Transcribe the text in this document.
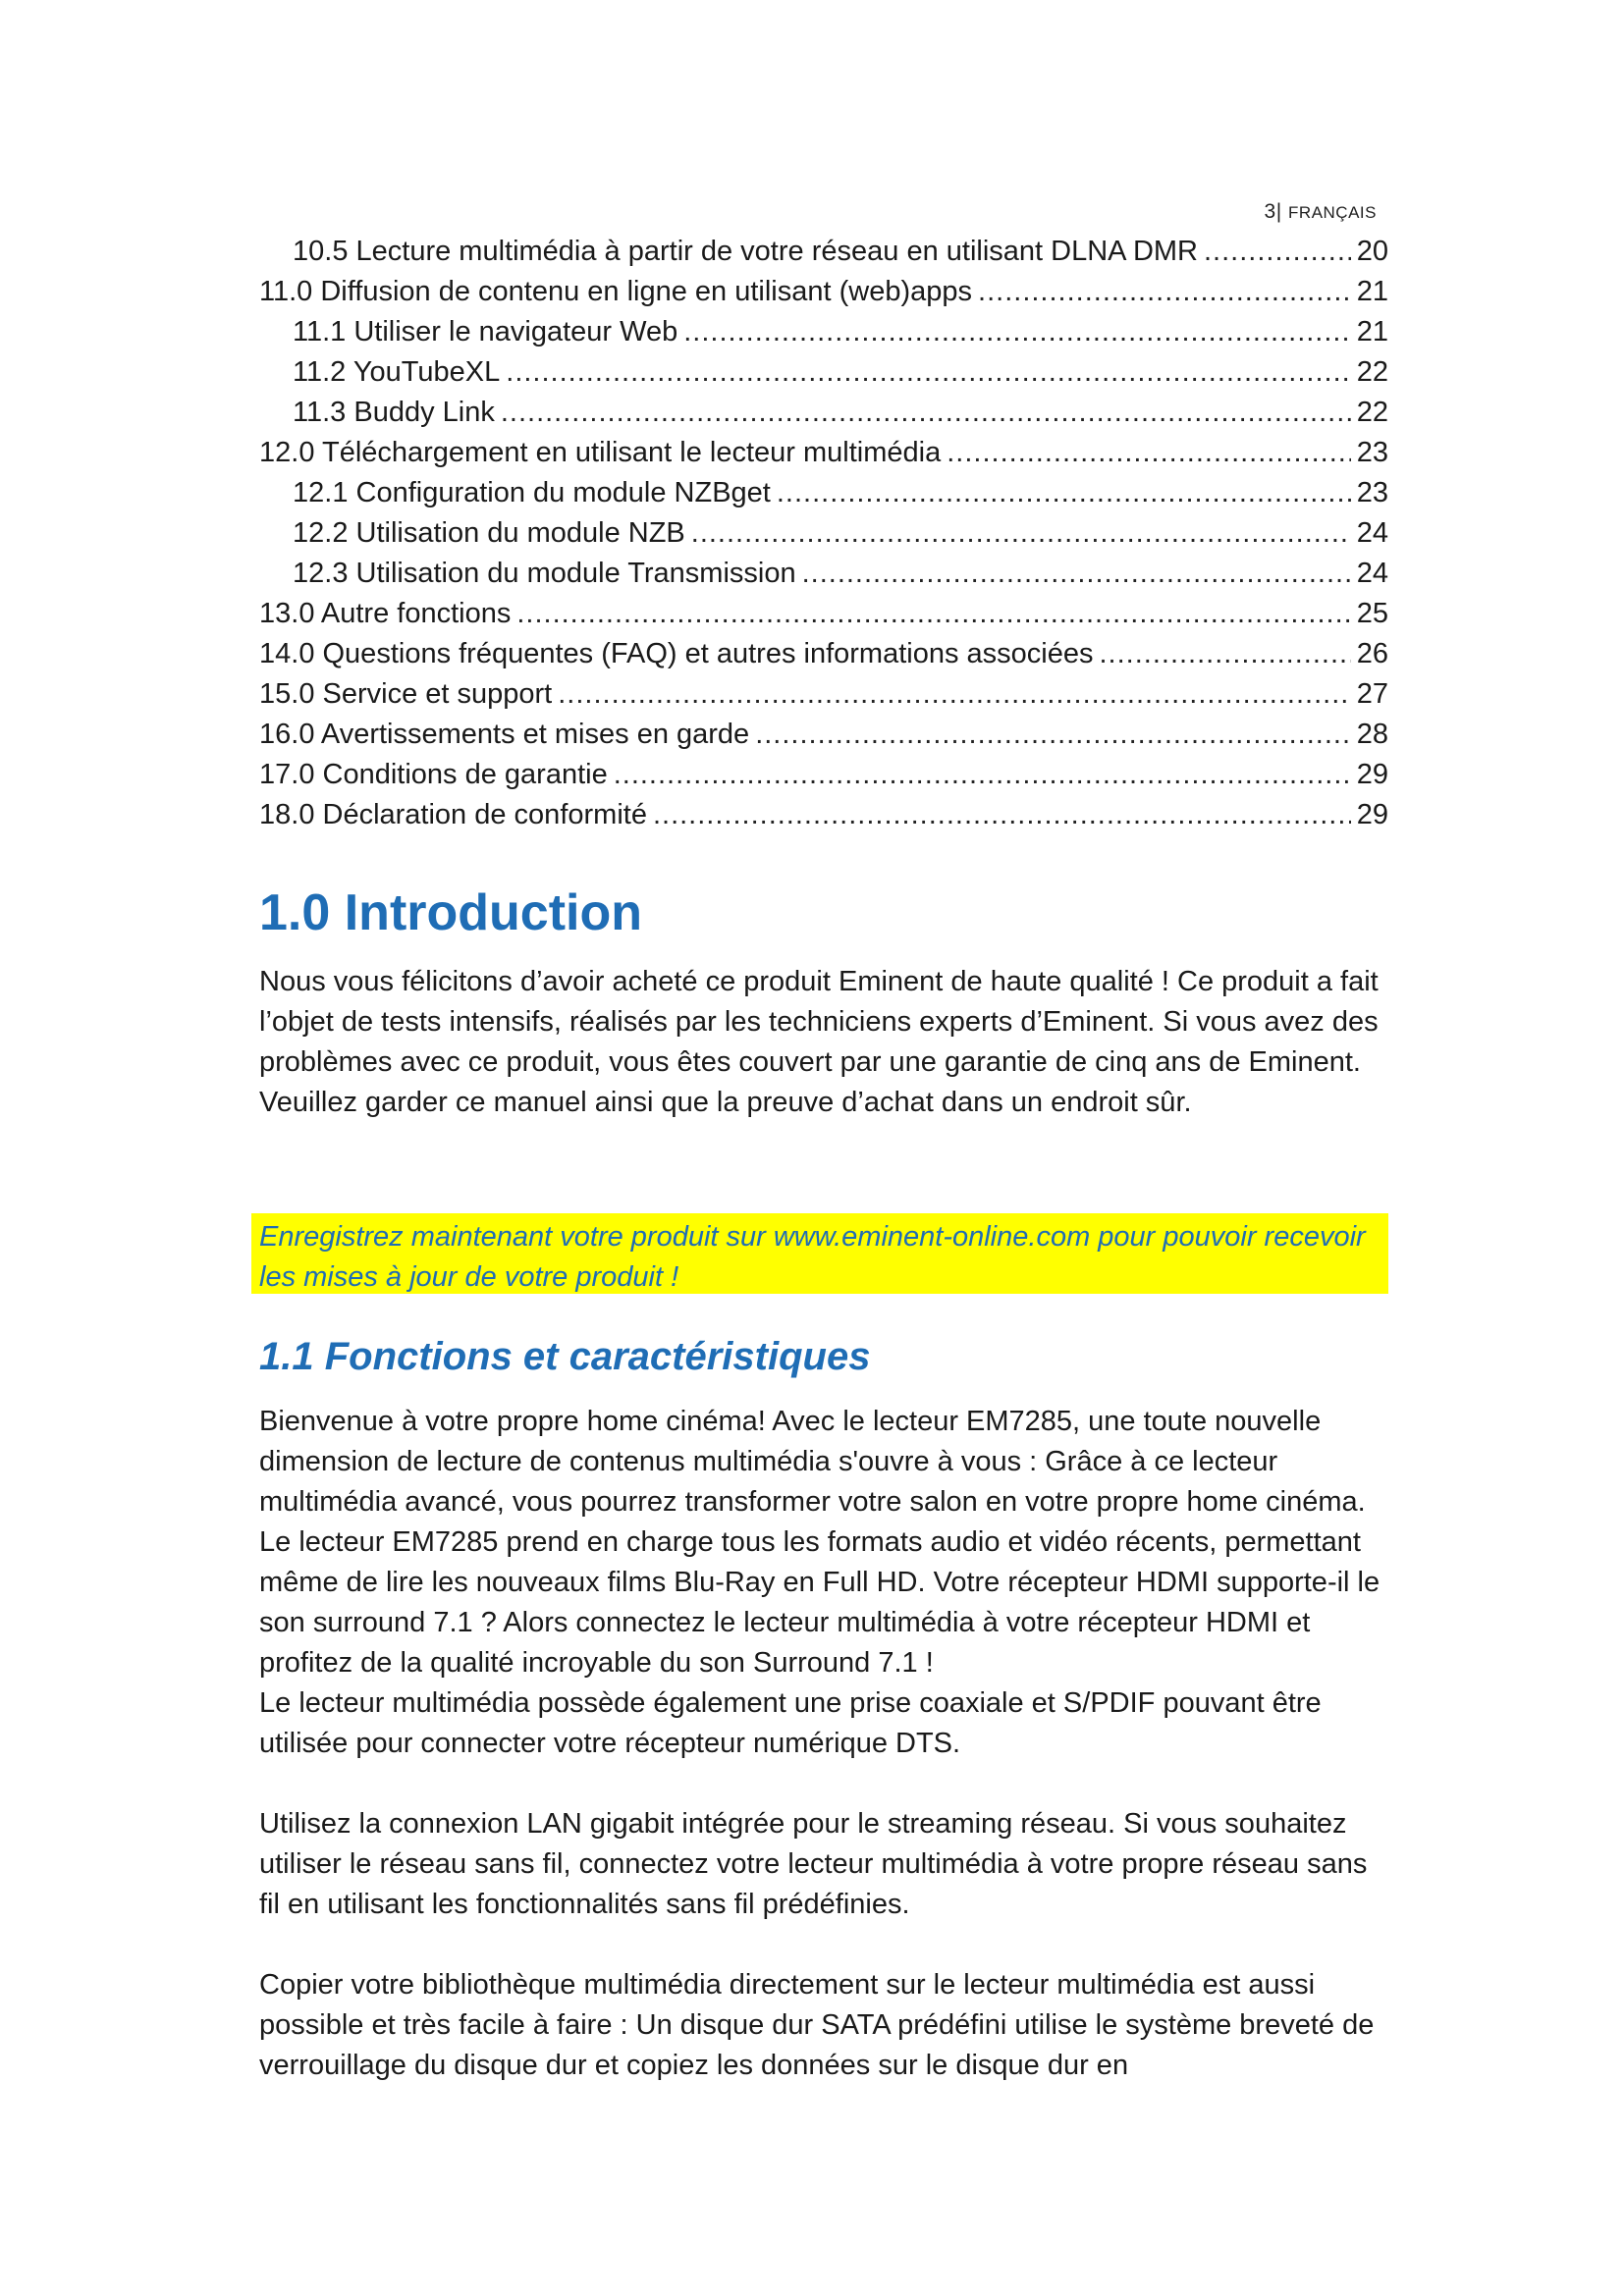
3| FRANÇAIS
10.5 Lecture multimédia à partir de votre réseau en utilisant DLNA DMR .....	20
11.0 Diffusion de contenu en ligne en utilisant (web)apps .....	21
11.1 Utiliser le navigateur Web .....	21
11.2 YouTubeXL .....	22
11.3 Buddy Link .....	22
12.0 Téléchargement en utilisant le lecteur multimédia .....	23
12.1 Configuration du module NZBget .....	23
12.2 Utilisation du module NZB .....	24
12.3 Utilisation du module Transmission .....	24
13.0 Autre fonctions .....	25
14.0 Questions fréquentes (FAQ) et autres informations associées .....	26
15.0 Service et support .....	27
16.0 Avertissements et mises en garde .....	28
17.0 Conditions de garantie .....	29
18.0 Déclaration de conformité .....	29
1.0 Introduction

Nous vous félicitons d’avoir acheté ce produit Eminent de haute qualité ! Ce produit a fait l’objet de tests intensifs, réalisés par les techniciens experts d’Eminent. Si vous avez des problèmes avec ce produit, vous êtes couvert par une garantie de cinq ans de Eminent. Veuillez garder ce manuel ainsi que la preuve d’achat dans un endroit sûr.

Enregistrez maintenant votre produit sur www.eminent-online.com pour pouvoir recevoir les mises à jour de votre produit !

1.1 Fonctions et caractéristiques

Bienvenue à votre propre home cinéma! Avec le lecteur EM7285, une toute nouvelle dimension de lecture de contenus multimédia s'ouvre à vous : Grâce à ce lecteur multimédia avancé, vous pourrez transformer votre salon en votre propre home cinéma. Le lecteur EM7285 prend en charge tous les formats audio et vidéo récents, permettant même de lire les nouveaux films Blu-Ray en Full HD. Votre récepteur HDMI supporte-il le son surround 7.1 ? Alors connectez le lecteur multimédia à votre récepteur HDMI et profitez de la qualité incroyable du son Surround 7.1 !

Le lecteur multimédia possède également une prise coaxiale et S/PDIF pouvant être utilisée pour connecter votre récepteur numérique DTS.

Utilisez la connexion LAN gigabit intégrée pour le streaming réseau. Si vous souhaitez utiliser le réseau sans fil, connectez votre lecteur multimédia à votre propre réseau sans fil en utilisant les fonctionnalités sans fil prédéfinies.

Copier votre bibliothèque multimédia directement sur le lecteur multimédia est aussi possible et très facile à faire : Un disque dur SATA prédéfini utilise le système breveté de verrouillage du disque dur et copiez les données sur le disque dur en
